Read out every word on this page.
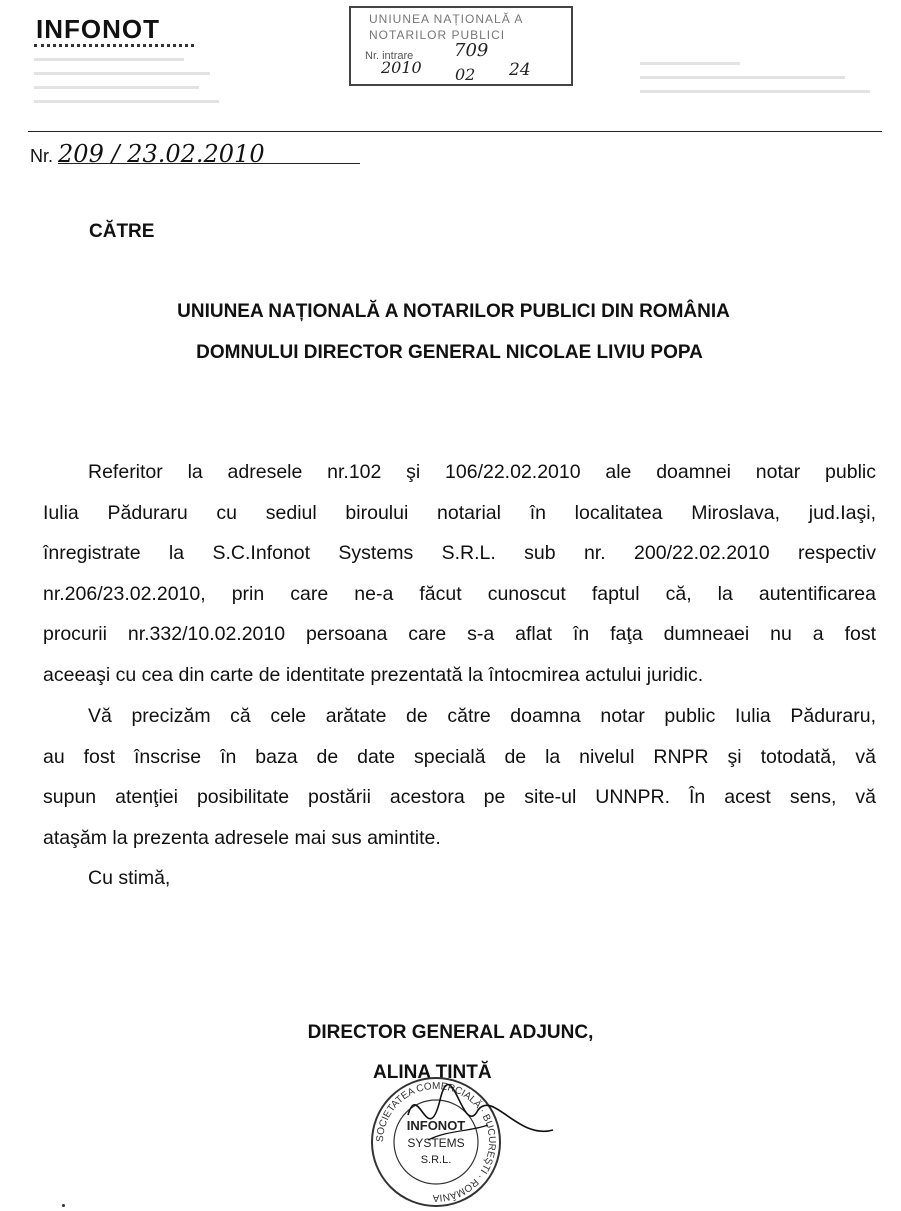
INFONOT	UNIUNEA NAȚIONALĂ A
NOTARILOR PUBLICI
Nr. intrare 709
2010 02 24
Nr. 209 / 23.02.2010
CĂTRE
UNIUNEA NAȚIONALĂ A NOTARILOR PUBLICI DIN ROMÂNIA
DOMNULUI DIRECTOR GENERAL NICOLAE LIVIU POPA
Referitor la adresele nr.102 şi 106/22.02.2010 ale doamnei notar public
Iulia Păduraru cu sediul biroului notarial în localitatea Miroslava, jud.Iaşi,
înregistrate la S.C.Infonot Systems S.R.L. sub nr. 200/22.02.2010 respectiv
nr.206/23.02.2010, prin care ne-a făcut cunoscut faptul că, la autentificarea
procurii nr.332/10.02.2010 persoana care s-a aflat în faţa dumneaei nu a fost
aceeaşi cu cea din carte de identitate prezentată la întocmirea actului juridic.
Vă precizăm că cele arătate de către doamna notar public Iulia Păduraru,
au fost înscrise în baza de date specială de la nivelul RNPR şi totodată, vă
supun atenţiei posibilitate postării acestora pe site-ul UNNPR. În acest sens, vă
ataşăm la prezenta adresele mai sus amintite.
Cu stimă,
DIRECTOR GENERAL ADJUNC,
ALINA TINTĂ
SOCIETATEA COMERCIALĂ · BUCUREŞTI · ROMÂNIA
INFONOT
SYSTEMS
S.R.L.
